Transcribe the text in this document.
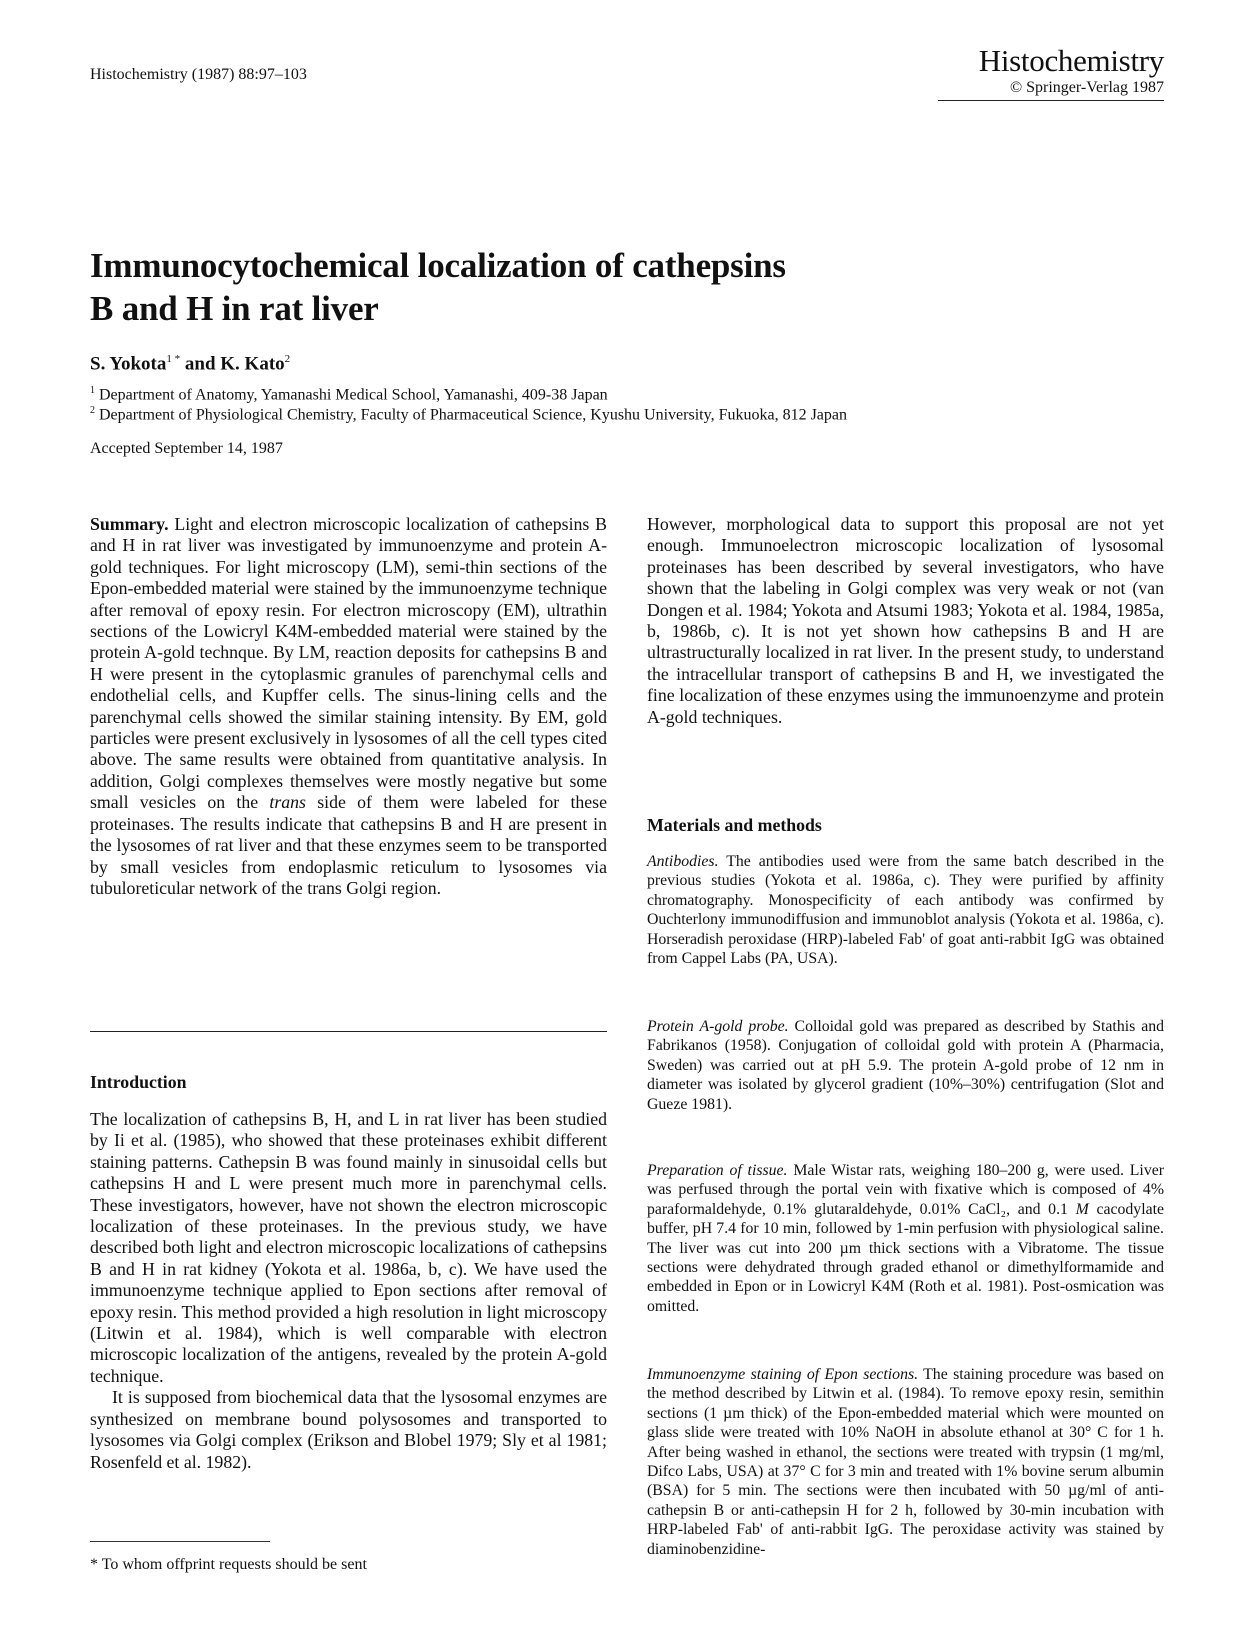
Histochemistry (1987) 88:97–103	Histochemistry
© Springer-Verlag 1987
Immunocytochemical localization of cathepsins B and H in rat liver
S. Yokota$^{1 *}$ and K. Kato$^2$
$^1$ Department of Anatomy, Yamanashi Medical School, Yamanashi, 409-38 Japan
$^2$ Department of Physiological Chemistry, Faculty of Pharmaceutical Science, Kyushu University, Fukuoka, 812 Japan
Accepted September 14, 1987

Summary. Light and electron microscopic localization of cathepsins B and H in rat liver was investigated by immunoenzyme and protein A-gold techniques. For light microscopy (LM), semi-thin sections of the Epon-embedded material were stained by the immunoenzyme technique after removal of epoxy resin. For electron microscopy (EM), ultrathin sections of the Lowicryl K4M-embedded material were stained by the protein A-gold technque. By LM, reaction deposits for cathepsins B and H were present in the cytoplasmic granules of parenchymal cells and endothelial cells, and Kupffer cells. The sinus-lining cells and the parenchymal cells showed the similar staining intensity. By EM, gold particles were present exclusively in lysosomes of all the cell types cited above. The same results were obtained from quantitative analysis. In addition, Golgi complexes themselves were mostly negative but some small vesicles on the trans side of them were labeled for these proteinases. The results indicate that cathepsins B and H are present in the lysosomes of rat liver and that these enzymes seem to be transported by small vesicles from endoplasmic reticulum to lysosomes via tubuloreticular network of the trans Golgi region.

Introduction

The localization of cathepsins B, H, and L in rat liver has been studied by Ii et al. (1985), who showed that these proteinases exhibit different staining patterns. Cathepsin B was found mainly in sinusoidal cells but cathepsins H and L were present much more in parenchymal cells. These investigators, however, have not shown the electron microscopic localization of these proteinases. In the previous study, we have described both light and electron microscopic localizations of cathepsins B and H in rat kidney (Yokota et al. 1986a, b, c). We have used the immunoenzyme technique applied to Epon sections after removal of epoxy resin. This method provided a high resolution in light microscopy (Litwin et al. 1984), which is well comparable with electron microscopic localization of the antigens, revealed by the protein A-gold technique.

It is supposed from biochemical data that the lysosomal enzymes are synthesized on membrane bound polysosomes and transported to lysosomes via Golgi complex (Erikson and Blobel 1979; Sly et al 1981; Rosenfeld et al. 1982).

* To whom offprint requests should be sent

However, morphological data to support this proposal are not yet enough. Immunoelectron microscopic localization of lysosomal proteinases has been described by several investigators, who have shown that the labeling in Golgi complex was very weak or not (van Dongen et al. 1984; Yokota and Atsumi 1983; Yokota et al. 1984, 1985a, b, 1986b, c). It is not yet shown how cathepsins B and H are ultrastructurally localized in rat liver. In the present study, to understand the intracellular transport of cathepsins B and H, we investigated the fine localization of these enzymes using the immunoenzyme and protein A-gold techniques.

Materials and methods

Antibodies. The antibodies used were from the same batch described in the previous studies (Yokota et al. 1986a, c). They were purified by affinity chromatography. Monospecificity of each antibody was confirmed by Ouchterlony immunodiffusion and immunoblot analysis (Yokota et al. 1986a, c). Horseradish peroxidase (HRP)-labeled Fab' of goat anti-rabbit IgG was obtained from Cappel Labs (PA, USA).

Protein A-gold probe. Colloidal gold was prepared as described by Stathis and Fabrikanos (1958). Conjugation of colloidal gold with protein A (Pharmacia, Sweden) was carried out at pH 5.9. The protein A-gold probe of 12 nm in diameter was isolated by glycerol gradient (10%–30%) centrifugation (Slot and Gueze 1981).

Preparation of tissue. Male Wistar rats, weighing 180–200 g, were used. Liver was perfused through the portal vein with fixative which is composed of 4% paraformaldehyde, 0.1% glutaraldehyde, 0.01% CaCl₂, and 0.1 M cacodylate buffer, pH 7.4 for 10 min, followed by 1-min perfusion with physiological saline. The liver was cut into 200 µm thick sections with a Vibratome. The tissue sections were dehydrated through graded ethanol or dimethylformamide and embedded in Epon or in Lowicryl K4M (Roth et al. 1981). Post-osmication was omitted.

Immunoenzyme staining of Epon sections. The staining procedure was based on the method described by Litwin et al. (1984). To remove epoxy resin, semithin sections (1 µm thick) of the Epon-embedded material which were mounted on glass slide were treated with 10% NaOH in absolute ethanol at 30° C for 1 h. After being washed in ethanol, the sections were treated with trypsin (1 mg/ml, Difco Labs, USA) at 37° C for 3 min and treated with 1% bovine serum albumin (BSA) for 5 min. The sections were then incubated with 50 µg/ml of anti-cathepsin B or anti-cathepsin H for 2 h, followed by 30-min incubation with HRP-labeled Fab' of anti-rabbit IgG. The peroxidase activity was stained by diaminobenzidine-
